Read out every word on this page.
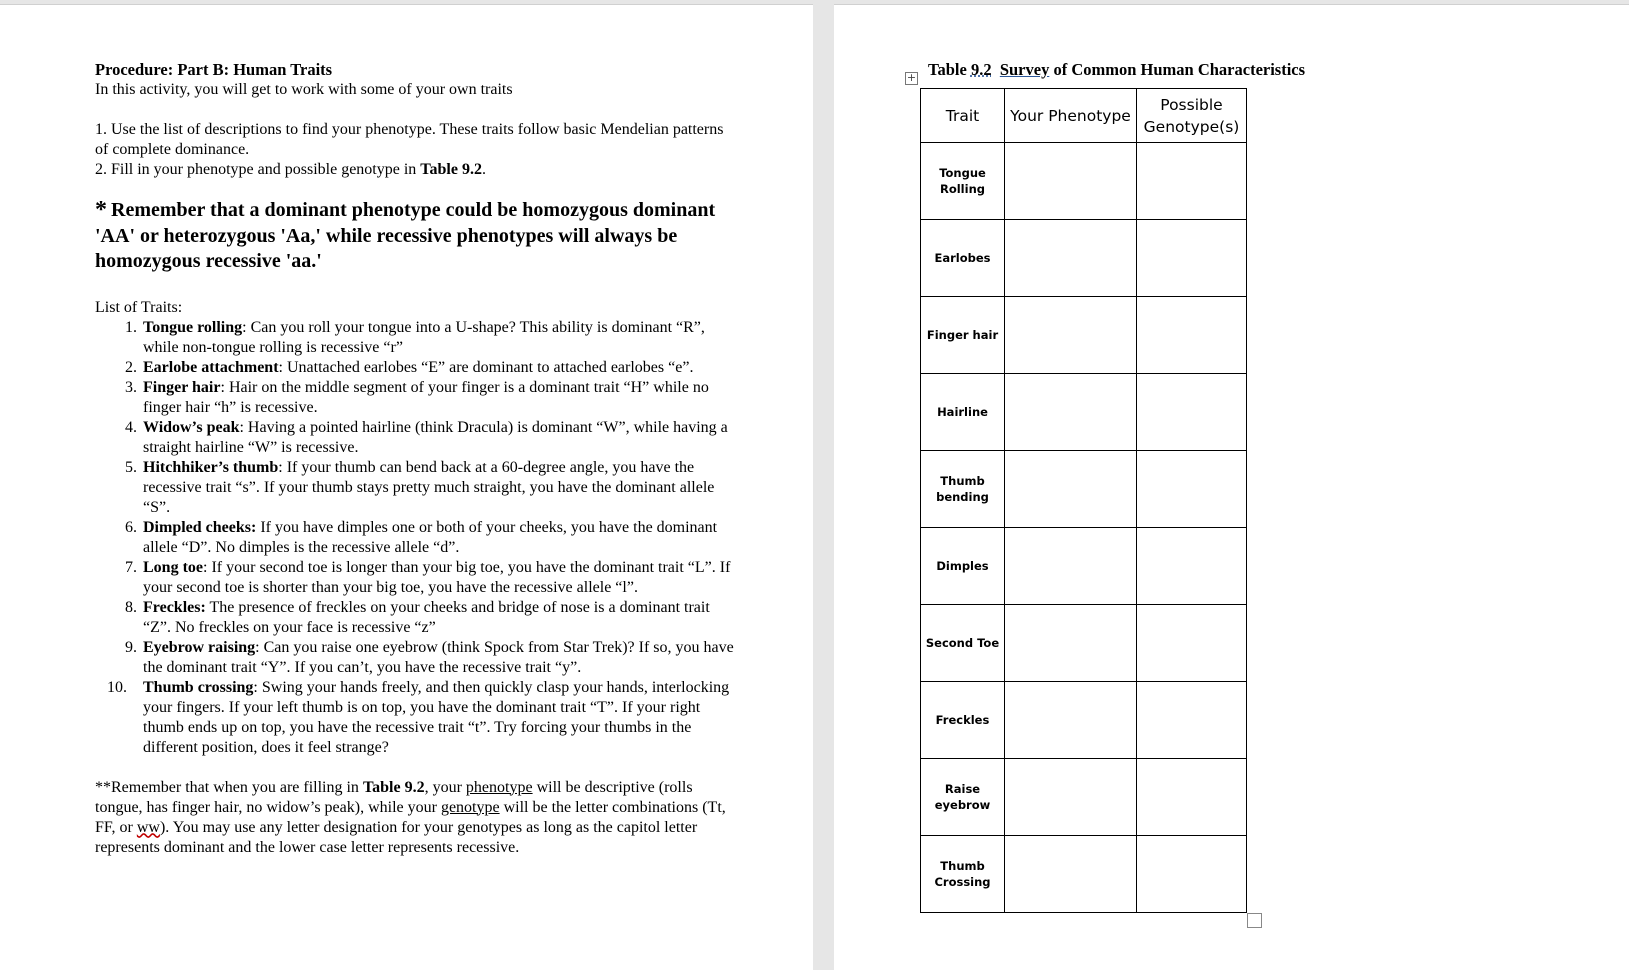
Procedure: Part B: Human Traits

In this activity, you will get to work with some of your own traits

1. Use the list of descriptions to find your phenotype. These traits follow basic Mendelian patterns of complete dominance.

2. Fill in your phenotype and possible genotype in Table 9.2.

* Remember that a dominant phenotype could be homozygous dominant 'AA' or heterozygous 'Aa,' while recessive phenotypes will always be homozygous recessive 'aa.'
List of Traits:
1. Tongue rolling: Can you roll your tongue into a U-shape? This ability is dominant “R”, while non-tongue rolling is recessive “r”
2. Earlobe attachment: Unattached earlobes “E” are dominant to attached earlobes “e”.
3. Finger hair: Hair on the middle segment of your finger is a dominant trait “H” while no finger hair “h” is recessive.
4. Widow’s peak: Having a pointed hairline (think Dracula) is dominant “W”, while having a straight hairline “W” is recessive.
5. Hitchhiker’s thumb: If your thumb can bend back at a 60-degree angle, you have the recessive trait “s”. If your thumb stays pretty much straight, you have the dominant allele “S”.
6. Dimpled cheeks: If you have dimples one or both of your cheeks, you have the dominant allele “D”. No dimples is the recessive allele “d”.
7. Long toe: If your second toe is longer than your big toe, you have the dominant trait “L”. If your second toe is shorter than your big toe, you have the recessive allele “l”.
8. Freckles: The presence of freckles on your cheeks and bridge of nose is a dominant trait “Z”. No freckles on your face is recessive “z”
9. Eyebrow raising: Can you raise one eyebrow (think Spock from Star Trek)? If so, you have the dominant trait “Y”. If you can’t, you have the recessive trait “y”.
10.	Thumb crossing: Swing your hands freely, and then quickly clasp your hands, interlocking your fingers. If your left thumb is on top, you have the dominant trait “T”. If your right thumb ends up on top, you have the recessive trait “t”. Try forcing your thumbs in the different position, does it feel strange?

**Remember that when you are filling in Table 9.2, your phenotype will be descriptive (rolls tongue, has finger hair, no widow’s peak), while your genotype will be the letter combinations (Tt, FF, or ww). You may use any letter designation for your genotypes as long as the capitol letter represents dominant and the lower case letter represents recessive.

+ Table 9.2 Survey of Common Human Characteristics
Trait	Your Phenotype	Possible Genotype(s)
Tongue Rolling		
Earlobes		
Finger hair		
Hairline		
Thumb bending		
Dimples		
Second Toe		
Freckles		
Raise eyebrow		
Thumb Crossing		
